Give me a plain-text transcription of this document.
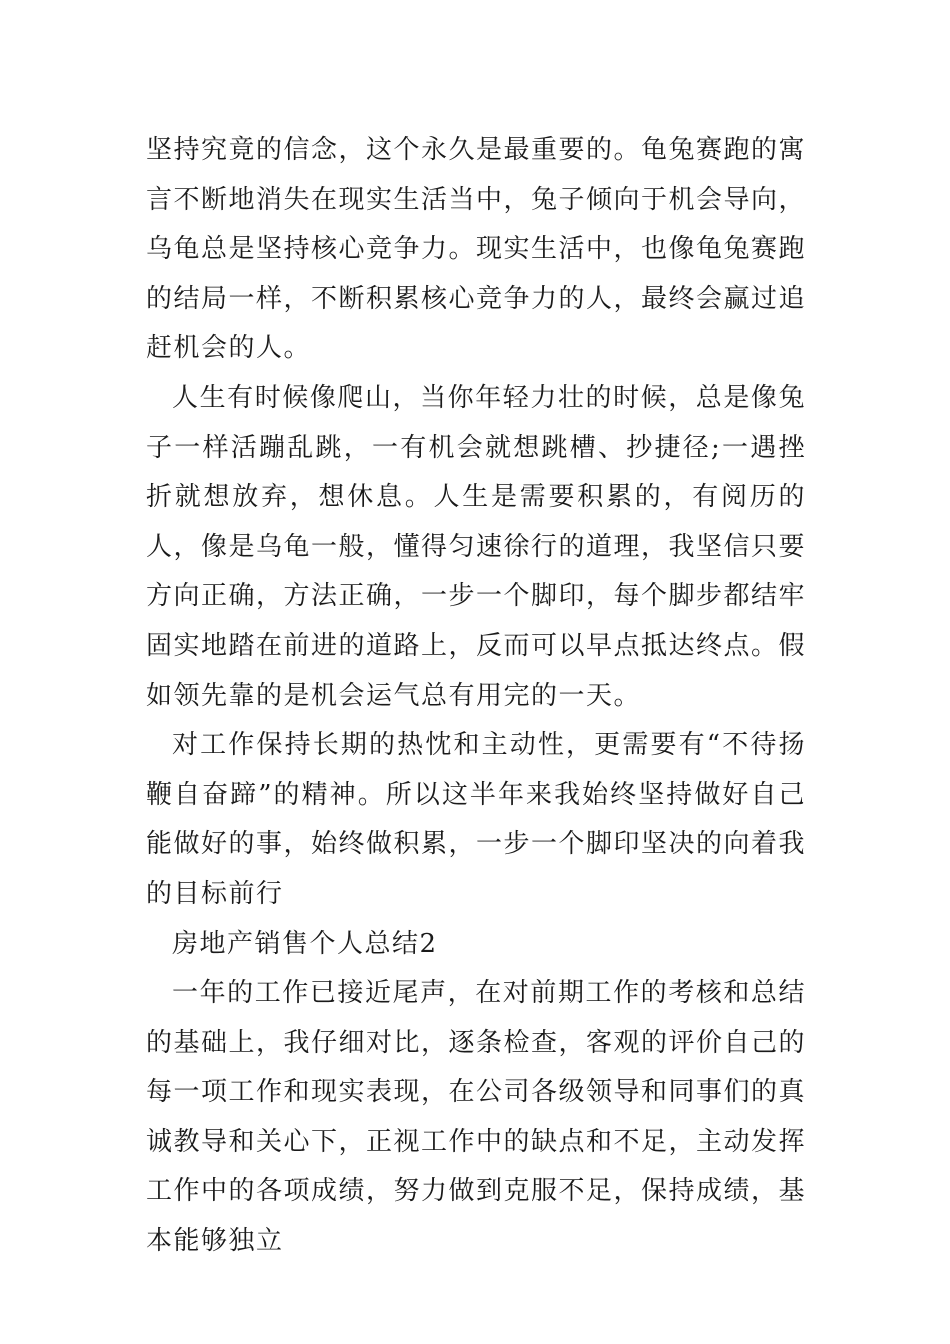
坚持究竟的信念，这个永久是最重要的。龟兔赛跑的寓言不断地消失在现实生活当中，兔子倾向于机会导向，乌龟总是坚持核心竞争力。现实生活中，也像龟兔赛跑的结局一样，不断积累核心竞争力的人，最终会赢过追赶机会的人。

人生有时候像爬山，当你年轻力壮的时候，总是像兔子一样活蹦乱跳，一有机会就想跳槽、抄捷径;一遇挫折就想放弃，想休息。人生是需要积累的，有阅历的人，像是乌龟一般，懂得匀速徐行的道理，我坚信只要方向正确，方法正确，一步一个脚印，每个脚步都结牢固实地踏在前进的道路上，反而可以早点抵达终点。假如领先靠的是机会运气总有用完的一天。

对工作保持长期的热忱和主动性，更需要有“不待扬鞭自奋蹄”的精神。所以这半年来我始终坚持做好自己能做好的事，始终做积累，一步一个脚印坚决的向着我的目标前行

房地产销售个人总结2

一年的工作已接近尾声，在对前期工作的考核和总结的基础上，我仔细对比，逐条检查，客观的评价自己的每一项工作和现实表现，在公司各级领导和同事们的真诚教导和关心下，正视工作中的缺点和不足，主动发挥工作中的各项成绩，努力做到克服不足，保持成绩，基本能够独立
